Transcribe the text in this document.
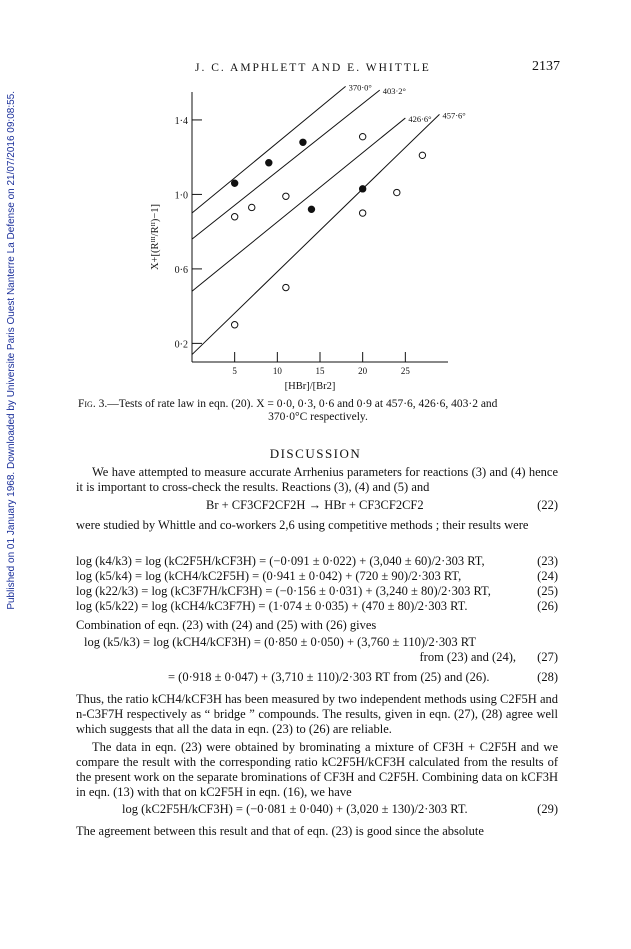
Published on 01 January 1968. Downloaded by Universite Paris Ouest Nanterre La Defense on 21/07/2016 09:08:55.
J. C. AMPHLETT AND E. WHITTLE	2137
0·2
0·6
1·0
1·4
5	10	15	20	25
[HBr]/[Br2]
X+[(Rᴵᴵᴵ/Rᴵᴵ)−1]
370·0° 403·2°
426·6° 457·6°
Fig. 3.—Tests of rate law in eqn. (20). X = 0·0, 0·3, 0·6 and 0·9 at 457·6, 426·6, 403·2 and
370·0°C respectively.
DISCUSSION
We have attempted to measure accurate Arrhenius parameters for reactions (3) and (4) hence it is important to cross-check the results. Reactions (3), (4) and (5) and
Br + CF3CF2CF2H → HBr + CF3CF2CF2	(22)
were studied by Whittle and co-workers 2,6 using competitive methods ; their results were
log (k4/k3) = log (kC2F5H/kCF3H) = (−0·091 ± 0·022) + (3,040 ± 60)/2·303 RT,	(23)
log (k5/k4) = log (kCH4/kC2F5H) = (0·941 ± 0·042) + (720 ± 90)/2·303 RT,	(24)
log (k22/k3) = log (kC3F7H/kCF3H) = (−0·156 ± 0·031) + (3,240 ± 80)/2·303 RT,	(25)
log (k5/k22) = log (kCH4/kC3F7H) = (1·074 ± 0·035) + (470 ± 80)/2·303 RT.	(26)
Combination of eqn. (23) with (24) and (25) with (26) gives
log (k5/k3) = log (kCH4/kCF3H) = (0·850 ± 0·050) + (3,760 ± 110)/2·303 RT
from (23) and (24), (27)
= (0·918 ± 0·047) + (3,710 ± 110)/2·303 RT from (25) and (26).	(28)
Thus, the ratio kCH4/kCF3H has been measured by two independent methods using C2F5H and n-C3F7H respectively as “ bridge ” compounds. The results, given in eqn. (27), (28) agree well which suggests that all the data in eqn. (23) to (26) are reliable.
The data in eqn. (23) were obtained by brominating a mixture of CF3H + C2F5H and we compare the result with the corresponding ratio kC2F5H/kCF3H calculated from the results of the present work on the separate brominations of CF3H and C2F5H. Combining data on kCF3H in eqn. (13) with that on kC2F5H in eqn. (16), we have
log (kC2F5H/kCF3H) = (−0·081 ± 0·040) + (3,020 ± 130)/2·303 RT.	(29)
The agreement between this result and that of eqn. (23) is good since the absolute
